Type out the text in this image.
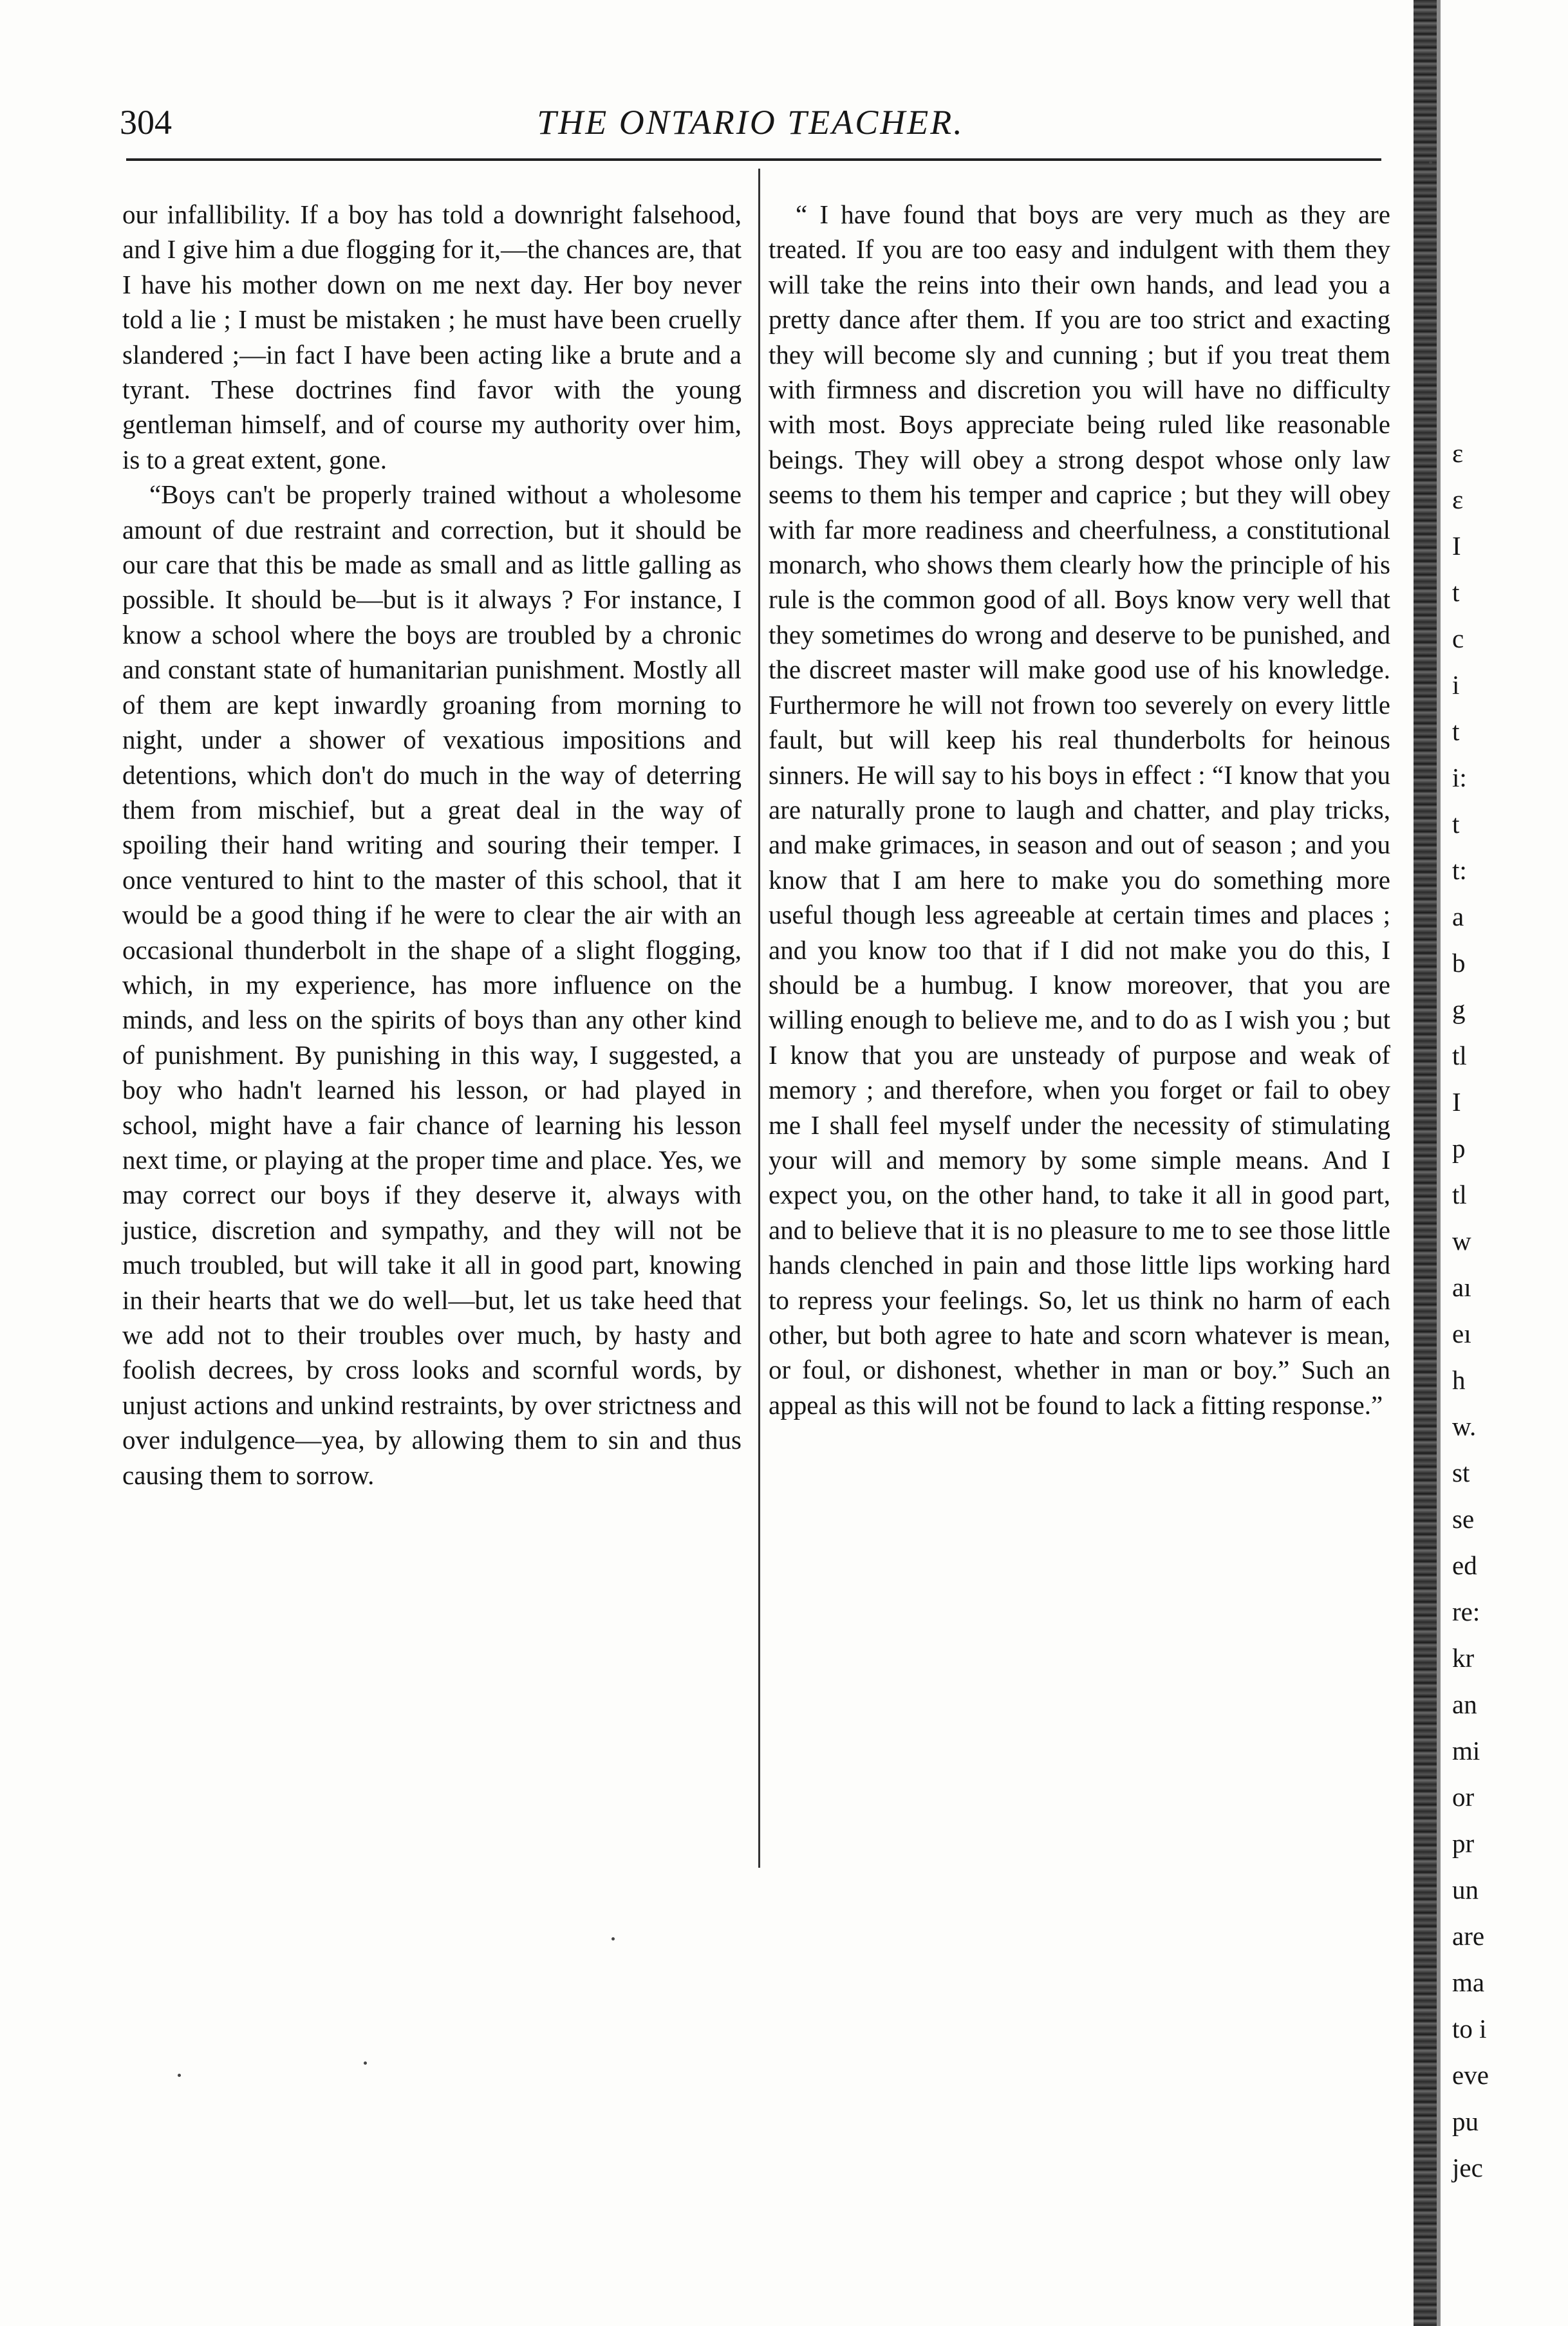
304	THE ONTARIO TEACHER.

our infallibility. If a boy has told a downright falsehood, and I give him a due flogging for it,—the chances are, that I have his mother down on me next day. Her boy never told a lie ; I must be mistaken ; he must have been cruelly slandered ;—in fact I have been acting like a brute and a tyrant. These doctrines find favor with the young gentleman himself, and of course my authority over him, is to a great extent, gone.

“Boys can't be properly trained without a wholesome amount of due restraint and correction, but it should be our care that this be made as small and as little galling as possible. It should be—but is it always ? For instance, I know a school where the boys are troubled by a chronic and constant state of humanitarian punishment. Mostly all of them are kept inwardly groaning from morning to night, under a shower of vexatious impositions and detentions, which don't do much in the way of deterring them from mischief, but a great deal in the way of spoiling their hand writing and souring their temper. I once ventured to hint to the master of this school, that it would be a good thing if he were to clear the air with an occasional thunderbolt in the shape of a slight flogging, which, in my experience, has more influence on the minds, and less on the spirits of boys than any other kind of punishment. By punishing in this way, I suggested, a boy who hadn't learned his lesson, or had played in school, might have a fair chance of learning his lesson next time, or playing at the proper time and place. Yes, we may correct our boys if they deserve it, always with justice, discretion and sympathy, and they will not be much troubled, but will take it all in good part, knowing in their hearts that we do well—but, let us take heed that we add not to their troubles over much, by hasty and foolish decrees, by cross looks and scornful words, by unjust actions and unkind restraints, by over strictness and over indulgence—yea, by allowing them to sin and thus causing them to sorrow.

“ I have found that boys are very much as they are treated. If you are too easy and indulgent with them they will take the reins into their own hands, and lead you a pretty dance after them. If you are too strict and exacting they will become sly and cunning ; but if you treat them with firmness and discretion you will have no difficulty with most. Boys appreciate being ruled like reasonable beings. They will obey a strong despot whose only law seems to them his temper and caprice ; but they will obey with far more readiness and cheerfulness, a constitutional monarch, who shows them clearly how the principle of his rule is the common good of all. Boys know very well that they sometimes do wrong and deserve to be punished, and the discreet master will make good use of his knowledge. Furthermore he will not frown too severely on every little fault, but will keep his real thunderbolts for heinous sinners. He will say to his boys in effect : “I know that you are naturally prone to laugh and chatter, and play tricks, and make grimaces, in season and out of season ; and you know that I am here to make you do something more useful though less agreeable at certain times and places ; and you know too that if I did not make you do this, I should be a humbug. I know moreover, that you are willing enough to believe me, and to do as I wish you ; but I know that you are unsteady of purpose and weak of memory ; and therefore, when you forget or fail to obey me I shall feel myself under the necessity of stimulating your will and memory by some simple means. And I expect you, on the other hand, to take it all in good part, and to believe that it is no pleasure to me to see those little hands clenched in pain and those little lips working hard to repress your feelings. So, let us think no harm of each other, but both agree to hate and scorn whatever is mean, or foul, or dishonest, whether in man or boy.” Such an appeal as this will not be found to lack a fitting response.”

ε
ε
I
t
c
i
t
i:
t
t:
a
b
g
tl
I
p
tl
w
aı
eı
h
w.
st
se
ed
re:
kr
an
mi
or
pr
un
are
ma
to i
eve
pu
jec
